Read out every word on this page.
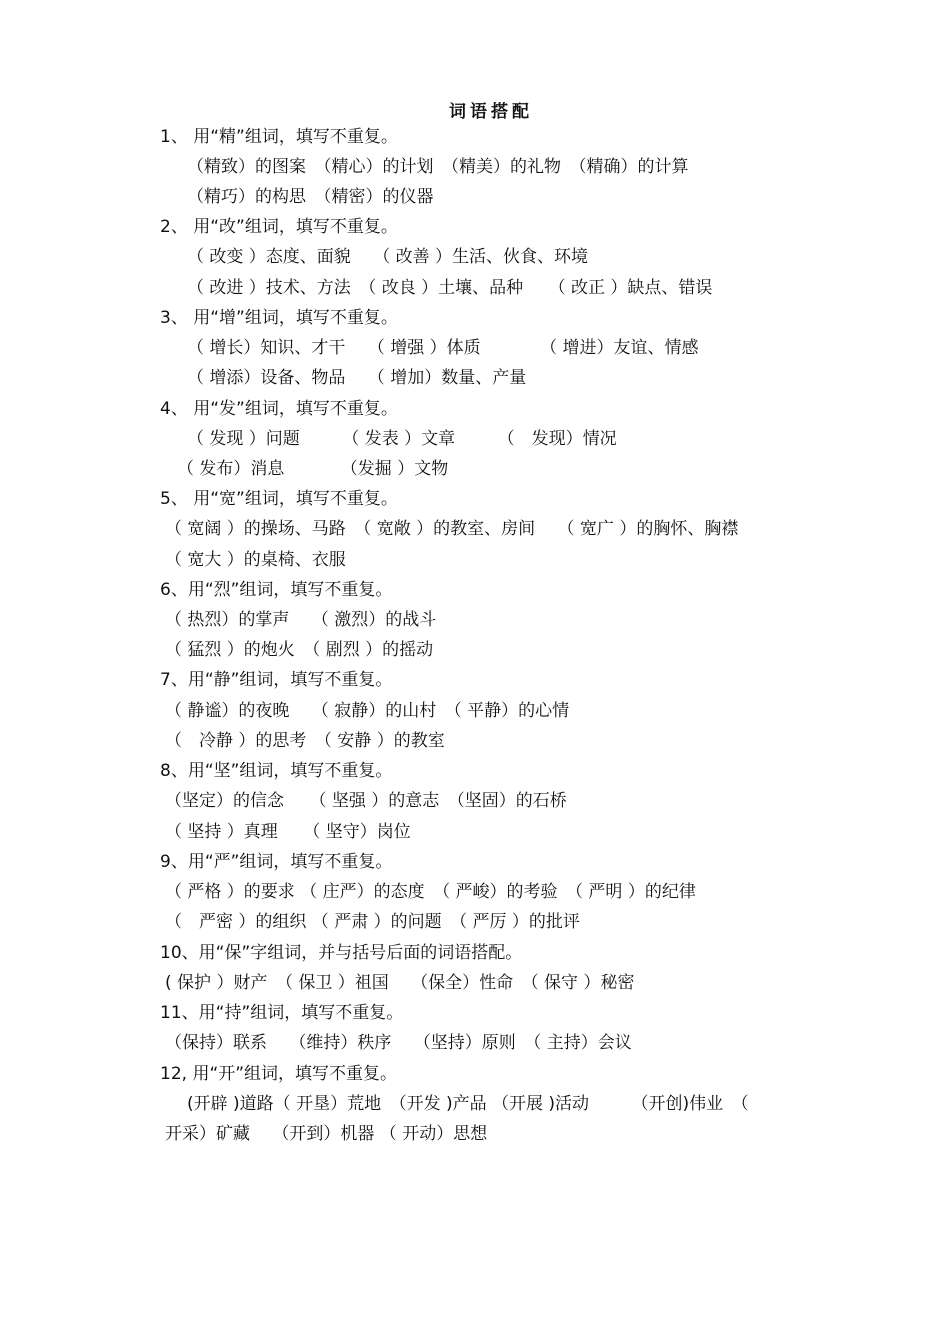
词语搭配
1、 用“精”组词，填写不重复。
（精致）的图案　（精心）的计划　（精美）的礼物　（精确）的计算
（精巧）的构思　（精密）的仪器
2、 用“改”组词，填写不重复。
（ 改变 ）态度、面貌　 （ 改善 ）生活、伙食、环境
（ 改进 ）技术、方法　（ 改良 ）土壤、品种　　（ 改正 ）缺点、错误
3、 用“增”组词，填写不重复。
（ 增长）知识、才干　 （ 增强 ）体质　　　　（ 增进）友谊、情感
（ 增添）设备、物品　 （ 增加）数量、产量
4、 用“发”组词，填写不重复。
（ 发现 ）问题　　　（ 发表 ）文章　　　（　发现）情况
（ 发布）消息　　　 （发掘 ）文物
5、 用“宽”组词，填写不重复。
（ 宽阔 ）的操场、马路　（ 宽敞 ）的教室、房间　 （ 宽广 ）的胸怀、胸襟
（ 宽大 ）的桌椅、衣服
6、用“烈”组词，填写不重复。
（ 热烈）的掌声　 （ 激烈）的战斗
（ 猛烈 ）的炮火　（ 剧烈 ）的摇动
7、用“静”组词，填写不重复。
（ 静谧）的夜晚　 （ 寂静）的山村　（ 平静）的心情
（　冷静 ）的思考　（ 安静 ）的教室
8、用“坚”组词，填写不重复。
（坚定）的信念　　（ 坚强 ）的意志　（坚固）的石桥
（ 坚持 ）真理　　（ 坚守）岗位
9、用“严”组词，填写不重复。
（ 严格 ）的要求 （ 庄严）的态度　（ 严峻）的考验　（ 严明 ）的纪律
（　严密 ）的组织 （ 严肃 ）的问题　（ 严厉 ）的批评
10、用“保”字组词，并与括号后面的词语搭配。
( 保护 ）财产　（ 保卫 ）祖国　 （保全）性命　（ 保守 ）秘密
11、用“持”组词，填写不重复。
（保持）联系　 （维持）秩序　 （坚持）原则　（ 主持）会议
12, 用“开”组词，填写不重复。
(开辟 )道路（ 开垦）荒地　（开发 )产品 （开展 )活动　　　（开创)伟业　（
开采）矿藏　 （开到）机器 （ 开动）思想
